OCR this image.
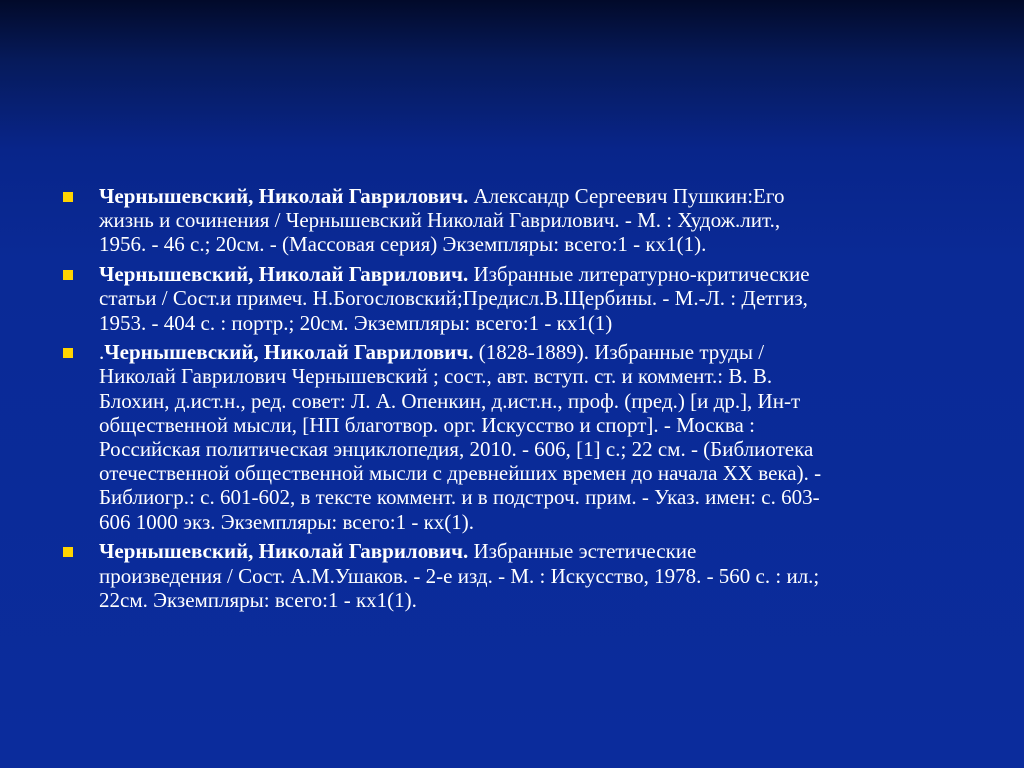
Чернышевский, Николай Гаврилович. Александр Сергеевич Пушкин:Его
жизнь и сочинения / Чернышевский Николай Гаврилович. - М. : Худож.лит.,
1956. - 46 с.; 20см. - (Массовая серия) Экземпляры: всего:1 - кх1(1).
Чернышевский, Николай Гаврилович. Избранные литературно-критические
статьи / Сост.и примеч. Н.Богословский;Предисл.В.Щербины. - М.-Л. : Детгиз,
1953. - 404 с. : портр.; 20см. Экземпляры: всего:1 - кх1(1)
.Чернышевский, Николай Гаврилович. (1828-1889). Избранные труды /
Николай Гаврилович Чернышевский ; сост., авт. вступ. ст. и коммент.: В. В.
Блохин, д.ист.н., ред. совет: Л. А. Опенкин, д.ист.н., проф. (пред.) [и др.], Ин-т
общественной мысли, [НП благотвор. орг. Искусство и спорт]. - Москва :
Российская политическая энциклопедия, 2010. - 606, [1] с.; 22 см. - (Библиотека
отечественной общественной мысли с древнейших времен до начала XX века). -
Библиогр.: с. 601-602, в тексте коммент. и в подстроч. прим. - Указ. имен: с. 603-
606 1000 экз. Экземпляры: всего:1 - кх(1).
Чернышевский, Николай Гаврилович. Избранные эстетические
произведения / Сост. А.М.Ушаков. - 2-е изд. - М. : Искусство, 1978. - 560 с. : ил.;
22см. Экземпляры: всего:1 - кх1(1).
